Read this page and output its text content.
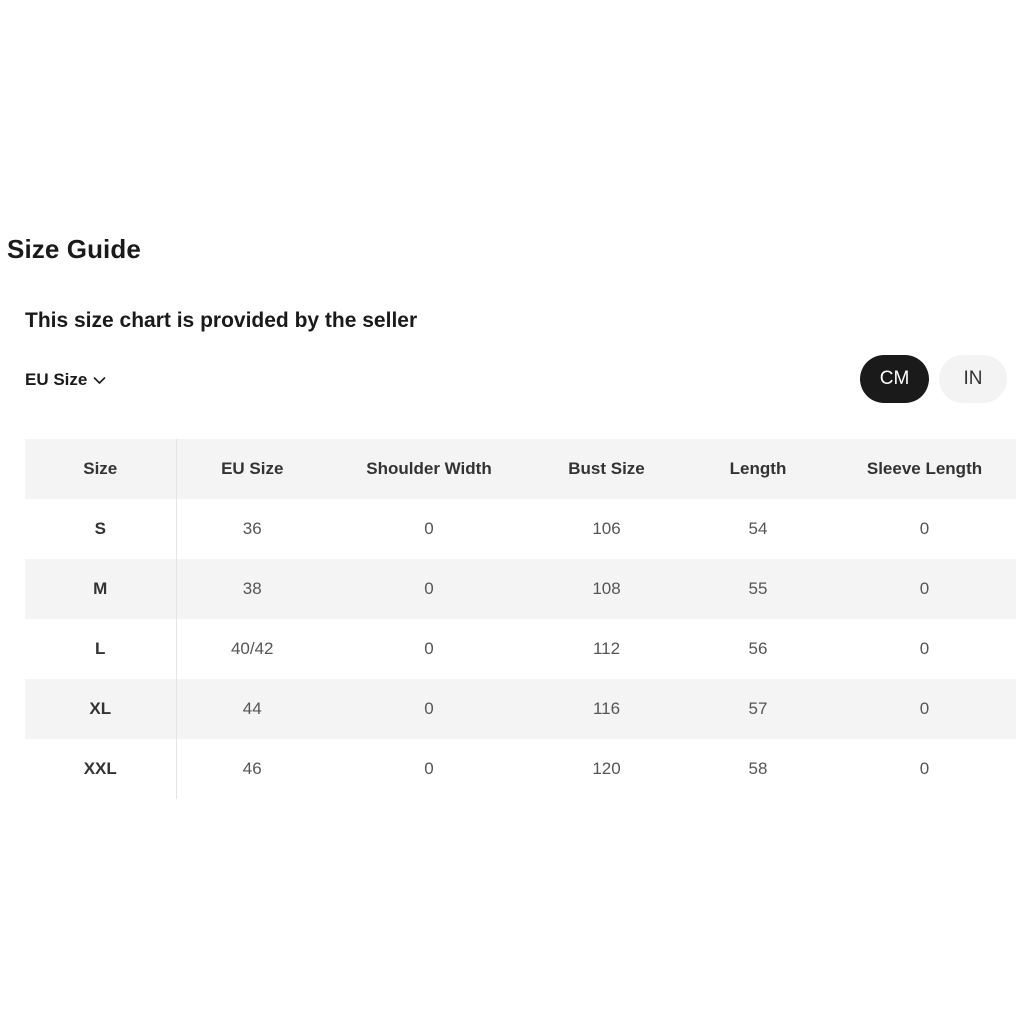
Size Guide
This size chart is provided by the seller
EU Size	CM	IN
Size	EU Size	Shoulder Width	Bust Size	Length	Sleeve Length
S	36	0	106	54	0
M	38	0	108	55	0
L	40/42	0	112	56	0
XL	44	0	116	57	0
XXL	46	0	120	58	0
